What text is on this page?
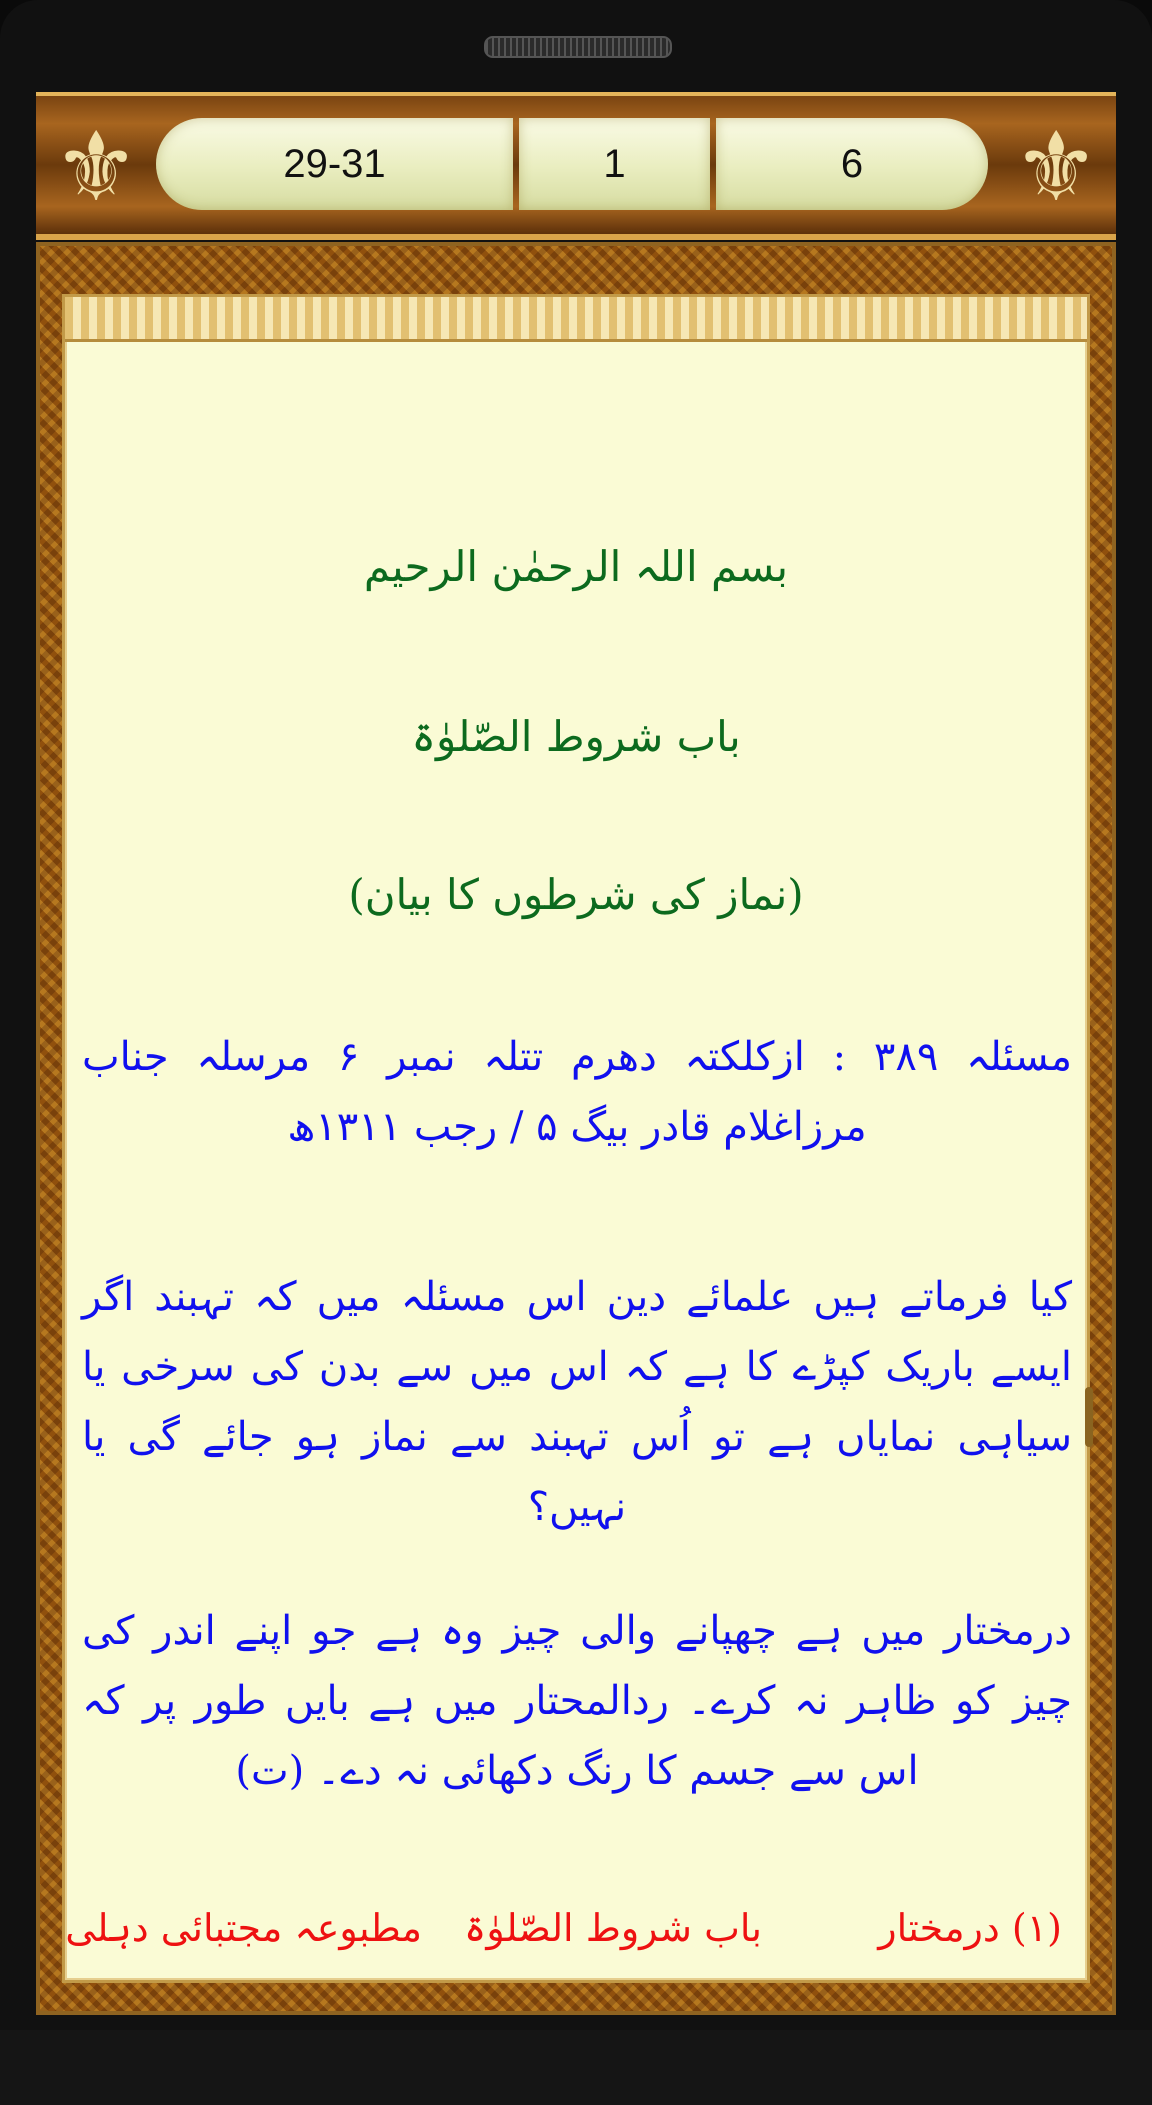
⚜	29-31	1	6	⚜
بسم اللہ الرحمٰن الرحیم
باب شروط الصّلوٰۃ
(نماز کی شرطوں کا بیان)
مسئلہ ۳۸۹ : ازکلکتہ دھرم تتلہ نمبر ۶ مرسلہ جناب مرزاغلام قادر بیگ ۵ / رجب ۱۳۱۱ھ
کیا فرماتے ہیں علمائے دین اس مسئلہ میں کہ تہبند اگر ایسے باریک کپڑے کا ہے کہ اس میں سے بدن کی سرخی یا سیاہی نمایاں ہے تو اُس تہبند سے نماز ہو جائے گی یا نہیں؟
درمختار میں ہے چھپانے والی چیز وہ ہے جو اپنے اندر کی چیز کو ظاہر نہ کرے۔ ردالمحتار میں ہے بایں طور پر کہ اس سے جسم کا رنگ دکھائی نہ دے۔ (ت)
(۱) درمختار
باب شروط الصّلوٰۃ
مطبوعہ مجتبائی دہلی
